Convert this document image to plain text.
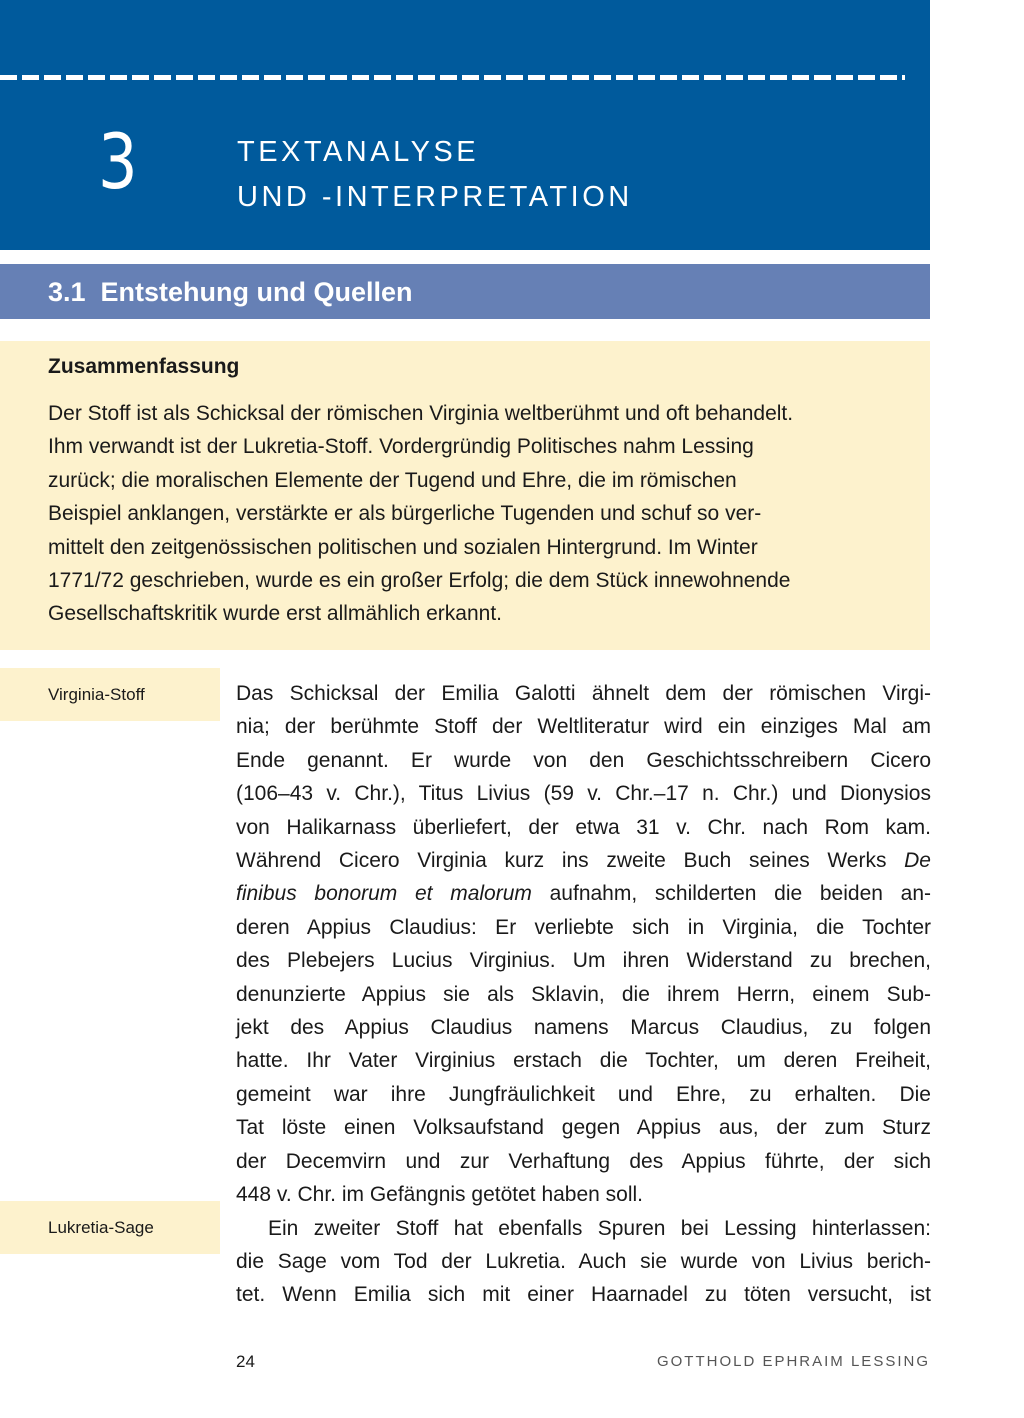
3	TEXTANALYSE
UND -INTERPRETATION
3.1  Entstehung und Quellen
Zusammenfassung
Der Stoff ist als Schicksal der römischen Virginia weltberühmt und oft behandelt.
Ihm verwandt ist der Lukretia-Stoff. Vordergründig Politisches nahm Lessing
zurück; die moralischen Elemente der Tugend und Ehre, die im römischen
Beispiel anklangen, verstärkte er als bürgerliche Tugenden und schuf so ver-
mittelt den zeitgenössischen politischen und sozialen Hintergrund. Im Winter
1771/72 geschrieben, wurde es ein großer Erfolg; die dem Stück innewohnende
Gesellschaftskritik wurde erst allmählich erkannt.
Virginia-Stoff
Lukretia-Sage
Das Schicksal der Emilia Galotti ähnelt dem der römischen Virgi-
nia; der berühmte Stoff der Weltliteratur wird ein einziges Mal am
Ende genannt. Er wurde von den Geschichtsschreibern Cicero
(106–43 v. Chr.), Titus Livius (59 v. Chr.–17 n. Chr.) und Dionysios
von Halikarnass überliefert, der etwa 31 v. Chr. nach Rom kam.
Während Cicero Virginia kurz ins zweite Buch seines Werks De
finibus bonorum et malorum aufnahm, schilderten die beiden an-
deren Appius Claudius: Er verliebte sich in Virginia, die Tochter
des Plebejers Lucius Virginius. Um ihren Widerstand zu brechen,
denunzierte Appius sie als Sklavin, die ihrem Herrn, einem Sub-
jekt des Appius Claudius namens Marcus Claudius, zu folgen
hatte. Ihr Vater Virginius erstach die Tochter, um deren Freiheit,
gemeint war ihre Jungfräulichkeit und Ehre, zu erhalten. Die
Tat löste einen Volksaufstand gegen Appius aus, der zum Sturz
der Decemvirn und zur Verhaftung des Appius führte, der sich
448 v. Chr. im Gefängnis getötet haben soll.
Ein zweiter Stoff hat ebenfalls Spuren bei Lessing hinterlassen:
die Sage vom Tod der Lukretia. Auch sie wurde von Livius berich-
tet. Wenn Emilia sich mit einer Haarnadel zu töten versucht, ist
24	GOTTHOLD EPHRAIM LESSING
